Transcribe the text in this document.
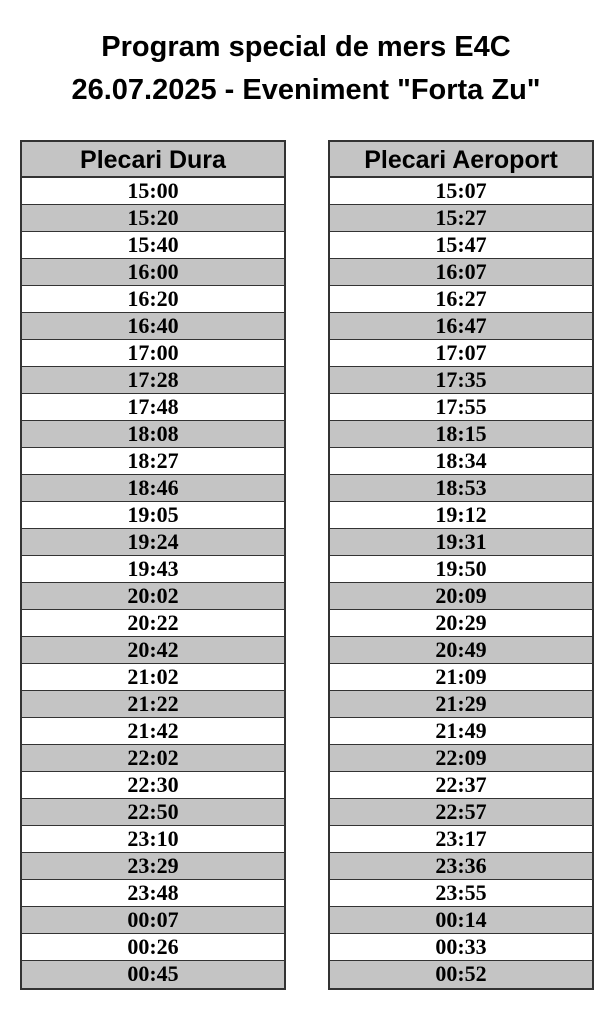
Program special de mers E4C
26.07.2025 - Eveniment "Forta Zu"
Plecari Dura
15:00
15:20
15:40
16:00
16:20
16:40
17:00
17:28
17:48
18:08
18:27
18:46
19:05
19:24
19:43
20:02
20:22
20:42
21:02
21:22
21:42
22:02
22:30
22:50
23:10
23:29
23:48
00:07
00:26
00:45
Plecari Aeroport
15:07
15:27
15:47
16:07
16:27
16:47
17:07
17:35
17:55
18:15
18:34
18:53
19:12
19:31
19:50
20:09
20:29
20:49
21:09
21:29
21:49
22:09
22:37
22:57
23:17
23:36
23:55
00:14
00:33
00:52
